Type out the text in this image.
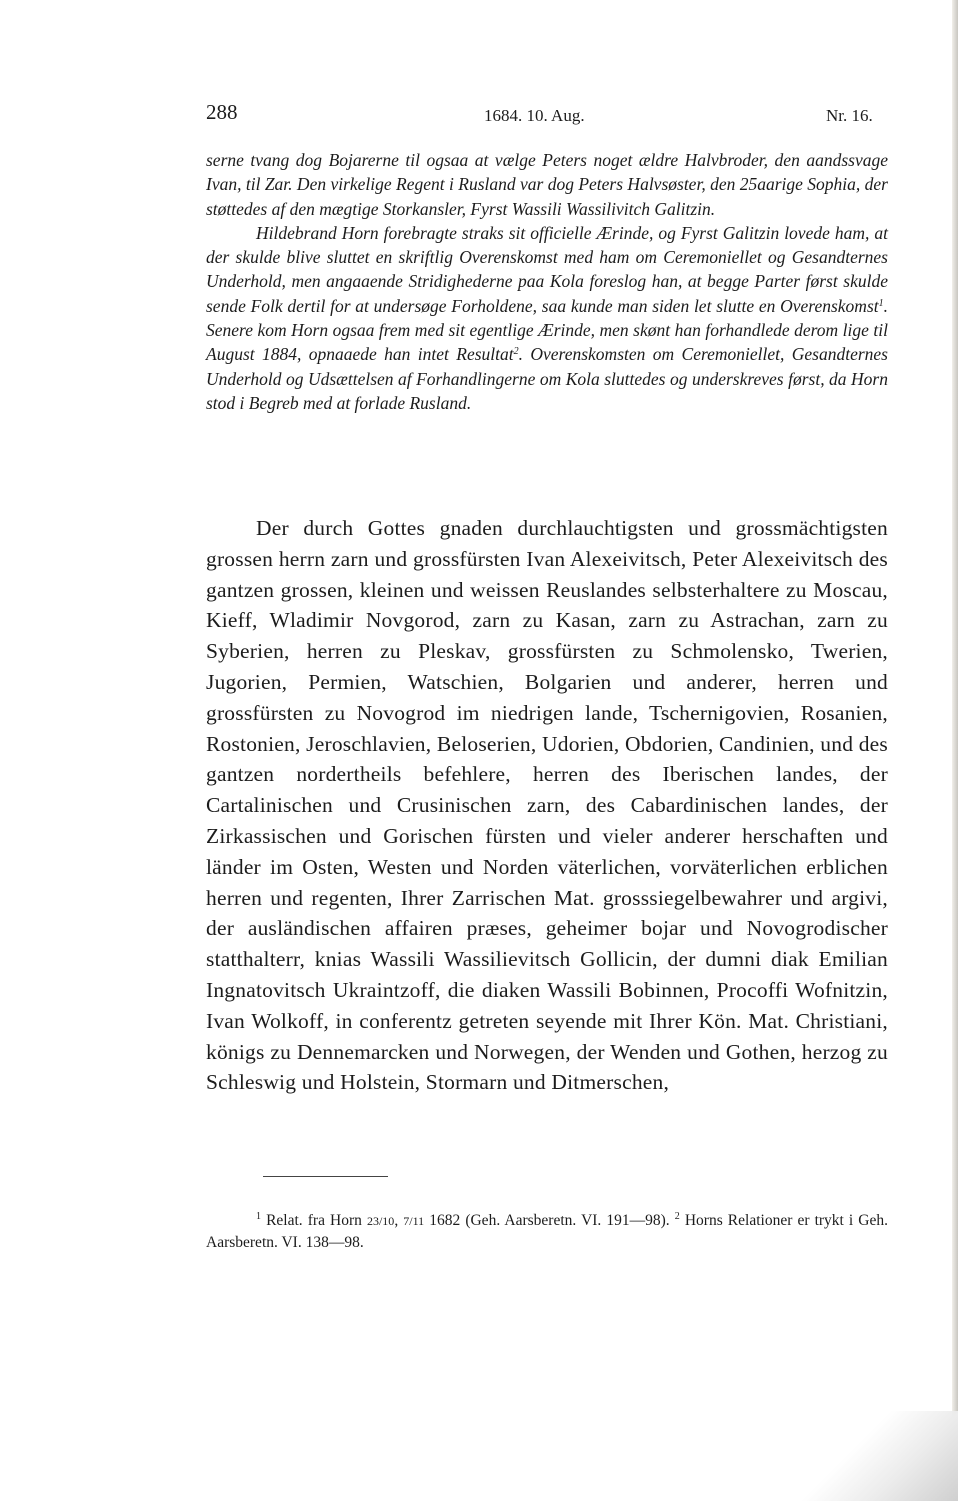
288	1684. 10. Aug.	Nr. 16.

serne tvang dog Bojarerne til ogsaa at vælge Peters noget ældre Halvbroder, den aandssvage Ivan, til Zar. Den virkelige Regent i Rusland var dog Peters Halvsøster, den 25aarige Sophia, der støttedes af den mægtige Storkansler, Fyrst Wassili Wassilivitch Galitzin.

Hildebrand Horn forebragte straks sit officielle Ærinde, og Fyrst Galitzin lovede ham, at der skulde blive sluttet en skriftlig Overenskomst med ham om Ceremoniellet og Gesandternes Underhold, men angaaende Stridighederne paa Kola foreslog han, at begge Parter først skulde sende Folk dertil for at undersøge Forholdene, saa kunde man siden let slutte en Overenskomst$^1$. Senere kom Horn ogsaa frem med sit egentlige Ærinde, men skønt han forhandlede derom lige til August 1884, opnaaede han intet Resultat$^2$. Overenskomsten om Ceremoniellet, Gesandternes Underhold og Udsættelsen af Forhandlingerne om Kola sluttedes og underskreves først, da Horn stod i Begreb med at forlade Rusland.

Der durch Gottes gnaden durchlauchtigsten und grossmächtigsten grossen herrn zarn und grossfürsten Ivan Alexeivitsch, Peter Alexeivitsch des gantzen grossen, kleinen und weissen Reuslandes selbsterhaltere zu Moscau, Kieff, Wladimir Novgorod, zarn zu Kasan, zarn zu Astrachan, zarn zu Syberien, herren zu Pleskav, grossfürsten zu Schmolensko, Twerien, Jugorien, Permien, Watschien, Bolgarien und anderer, herren und grossfürsten zu Novogrod im niedrigen lande, Tschernigovien, Rosanien, Rostonien, Jeroschlavien, Beloserien, Udorien, Obdorien, Candinien, und des gantzen nordertheils befehlere, herren des Iberischen landes, der Cartalinischen und Crusinischen zarn, des Cabardinischen landes, der Zirkassischen und Gorischen fürsten und vieler anderer herschaften und länder im Osten, Westen und Norden väterlichen, vorväterlichen erblichen herren und regenten, Ihrer Zarrischen Mat. grosssiegelbewahrer und argivi, der ausländischen affairen præses, geheimer bojar und Novogrodischer statthalterr, knias Wassili Wassilievitsch Gollicin, der dumni diak Emilian Ingnatovitsch Ukraintzoff, die diaken Wassili Bobinnen, Procoffi Wofnitzin, Ivan Wolkoff, in conferentz getreten seyende mit Ihrer Kön. Mat. Christiani, königs zu Dennemarcken und Norwegen, der Wenden und Gothen, herzog zu Schleswig und Holstein, Stormarn und Ditmerschen,

$^1$ Relat. fra Horn 23/10, 7/11 1682 (Geh. Aarsberetn. VI. 191—98). $^2$ Horns Relationer er trykt i Geh. Aarsberetn. VI. 138—98.
